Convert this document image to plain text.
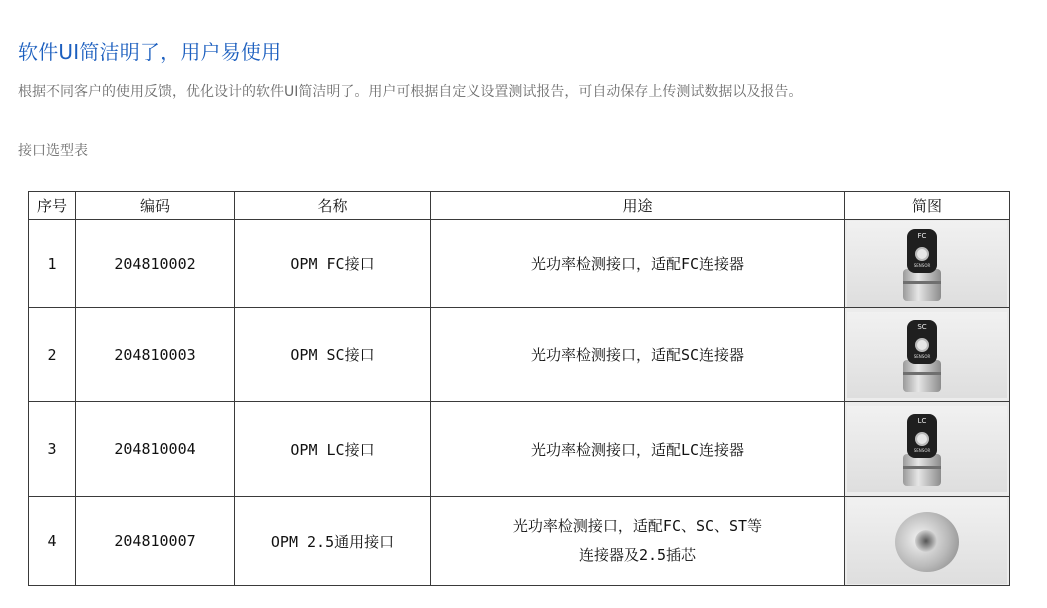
软件UI简洁明了，用户易使用
根据不同客户的使用反馈，优化设计的软件UI简洁明了。用户可根据自定义设置测试报告，可自动保存上传测试数据以及报告。
接口选型表
序号	编码	名称	用途	简图
1	204810002	OPM FC接口	光功率检测接口，适配FC连接器	FC
SENSOR

2	204810003	OPM SC接口	光功率检测接口，适配SC连接器	SC
SENSOR

3	204810004	OPM LC接口	光功率检测接口，适配LC连接器	LC
SENSOR

4	204810007	OPM 2.5通用接口	光功率检测接口，适配FC、SC、ST等
连接器及2.5插芯	
